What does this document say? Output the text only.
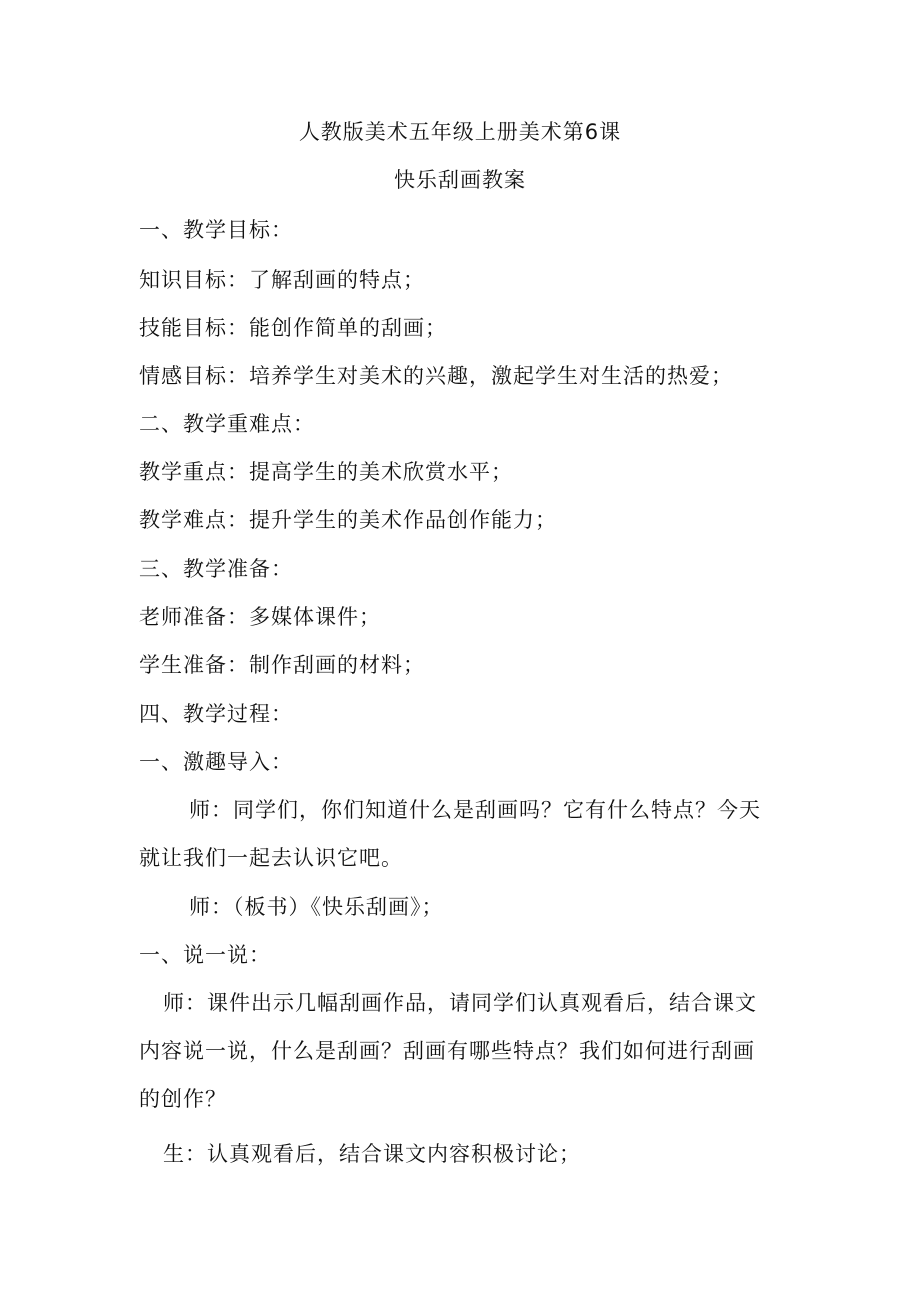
人教版美术五年级上册美术第6课
快乐刮画教案
一、教学目标：
知识目标：了解刮画的特点；
技能目标：能创作简单的刮画；
情感目标：培养学生对美术的兴趣，激起学生对生活的热爱；
二、教学重难点：
教学重点：提高学生的美术欣赏水平；
教学难点：提升学生的美术作品创作能力；
三、教学准备：
老师准备：多媒体课件；
学生准备：制作刮画的材料；
四、教学过程：
一、激趣导入：
师：同学们，你们知道什么是刮画吗？它有什么特点？今天
就让我们一起去认识它吧。
师：（板书）《快乐刮画》；
一、说一说：
师：课件出示几幅刮画作品，请同学们认真观看后，结合课文
内容说一说，什么是刮画？刮画有哪些特点？我们如何进行刮画
的创作？
生：认真观看后，结合课文内容积极讨论；
